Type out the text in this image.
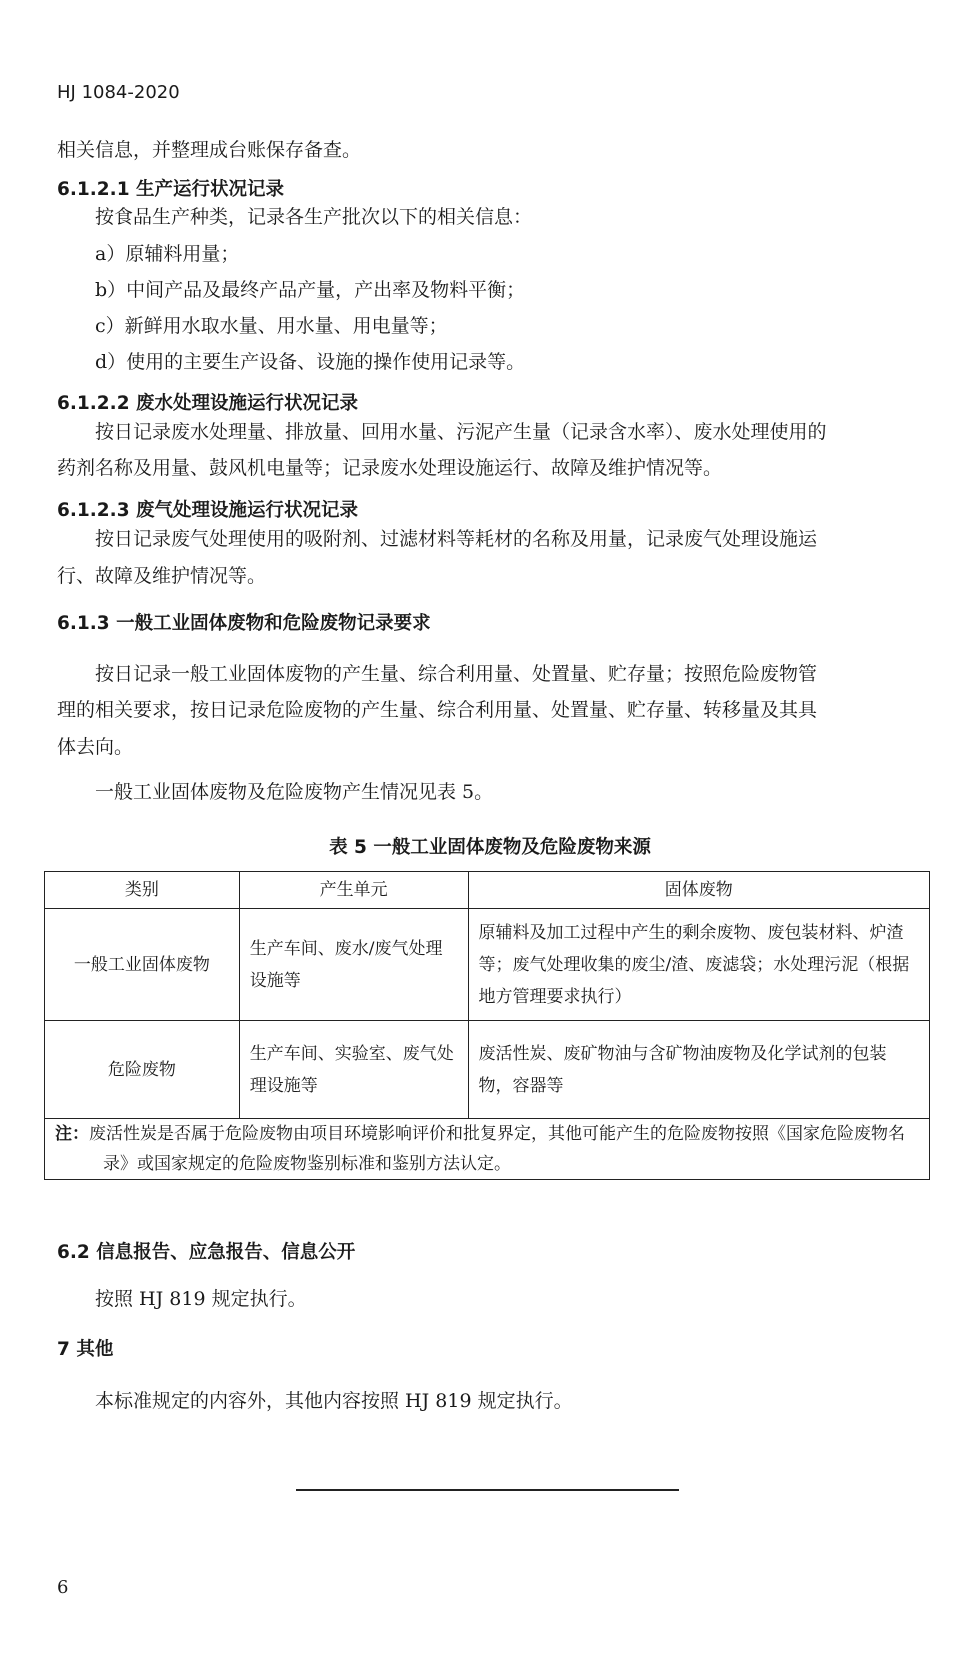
HJ 1084-2020
相关信息，并整理成台账保存备查。
6.1.2.1 生产运行状况记录
按食品生产种类，记录各生产批次以下的相关信息：
a）原辅料用量；
b）中间产品及最终产品产量，产出率及物料平衡；
c）新鲜用水取水量、用水量、用电量等；
d）使用的主要生产设备、设施的操作使用记录等。
6.1.2.2 废水处理设施运行状况记录
按日记录废水处理量、排放量、回用水量、污泥产生量（记录含水率）、废水处理使用的
药剂名称及用量、鼓风机电量等；记录废水处理设施运行、故障及维护情况等。
6.1.2.3 废气处理设施运行状况记录
按日记录废气处理使用的吸附剂、过滤材料等耗材的名称及用量，记录废气处理设施运
行、故障及维护情况等。
6.1.3 一般工业固体废物和危险废物记录要求
按日记录一般工业固体废物的产生量、综合利用量、处置量、贮存量；按照危险废物管
理的相关要求，按日记录危险废物的产生量、综合利用量、处置量、贮存量、转移量及其具
体去向。
一般工业固体废物及危险废物产生情况见表 5。
表 5 一般工业固体废物及危险废物来源
类别	产生单元	固体废物
一般工业固体废物	生产车间、废水/废气处理设施等	原辅料及加工过程中产生的剩余废物、废包装材料、炉渣等；废气处理收集的废尘/渣、废滤袋；水处理污泥（根据地方管理要求执行）
危险废物	生产车间、实验室、废气处理设施等	废活性炭、废矿物油与含矿物油废物及化学试剂的包装物，容器等

注：废活性炭是否属于危险废物由项目环境影响评价和批复界定，其他可能产生的危险废物按照《国家危险废物名录》或国家规定的危险废物鉴别标准和鉴别方法认定。		
6.2 信息报告、应急报告、信息公开
按照 HJ 819 规定执行。
7 其他
本标准规定的内容外，其他内容按照 HJ 819 规定执行。
6
